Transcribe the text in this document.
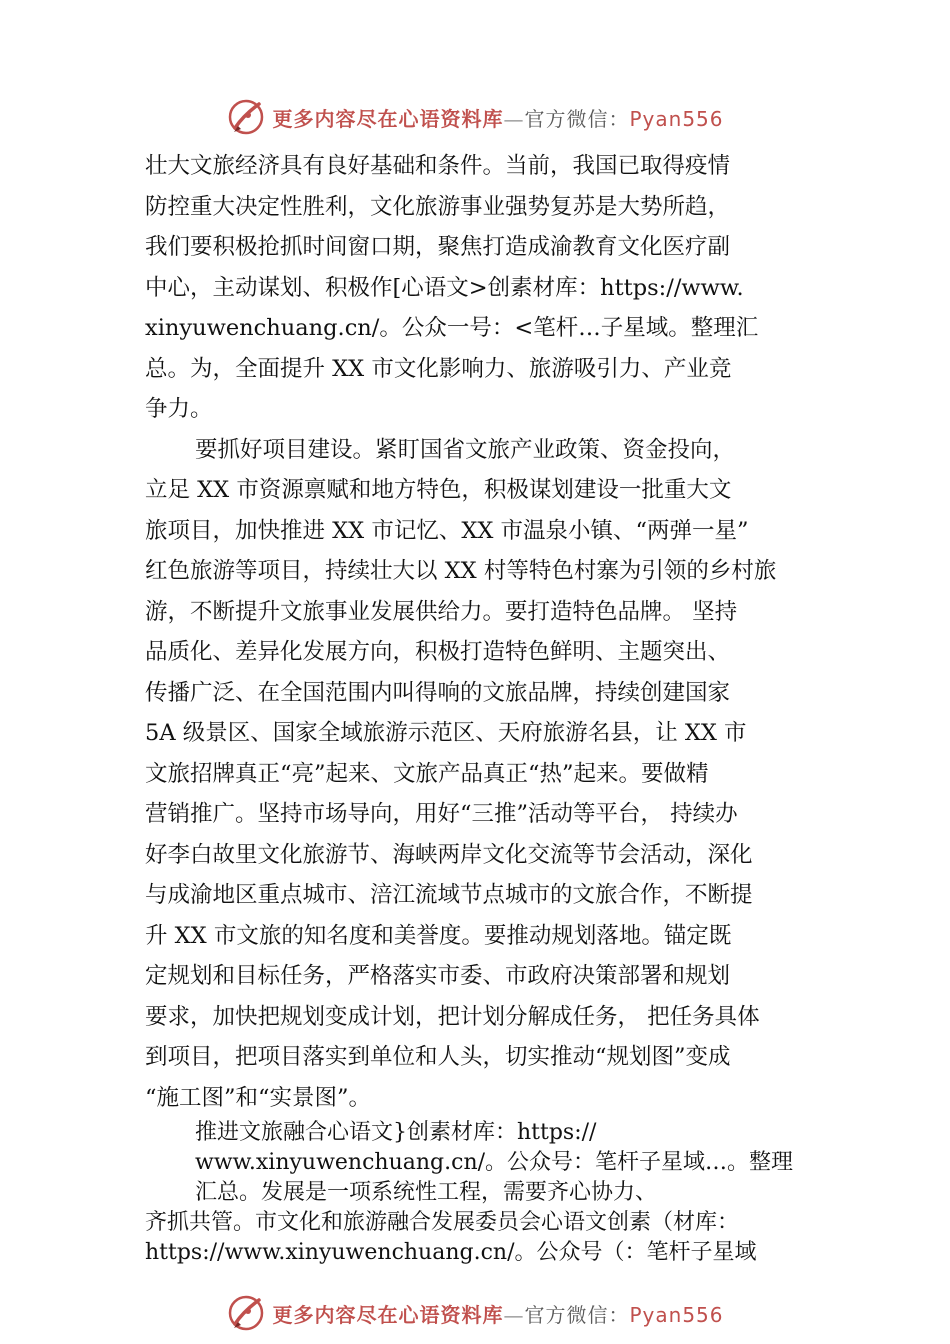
更多内容尽在心语资料库—官方微信：Pyan556
壮大文旅经济具有良好基础和条件。当前，我国已取得疫情
防控重大决定性胜利，文化旅游事业强势复苏是大势所趋，
我们要积极抢抓时间窗口期，聚焦打造成渝教育文化医疗副
中心，主动谋划、积极作[心语文>创素材库：https://www.
xinyuwenchuang.cn/。公众一号：<笔杆…子星域。整理汇
总。为，全面提升 XX 市文化影响力、旅游吸引力、产业竞
争力。
要抓好项目建设。紧盯国省文旅产业政策、资金投向，
立足 XX 市资源禀赋和地方特色，积极谋划建设一批重大文
旅项目，加快推进 XX 市记忆、XX 市温泉小镇、“两弹一星”
红色旅游等项目，持续壮大以 XX 村等特色村寨为引领的乡村旅
游，不断提升文旅事业发展供给力。要打造特色品牌。 坚持
品质化、差异化发展方向，积极打造特色鲜明、主题突出、
传播广泛、在全国范围内叫得响的文旅品牌，持续创建国家
5A 级景区、国家全域旅游示范区、天府旅游名县，让 XX 市
文旅招牌真正“亮”起来、文旅产品真正“热”起来。要做精
营销推广。坚持市场导向，用好“三推”活动等平台， 持续办
好李白故里文化旅游节、海峡两岸文化交流等节会活动，深化
与成渝地区重点城市、涪江流域节点城市的文旅合作，不断提
升 XX 市文旅的知名度和美誉度。要推动规划落地。锚定既
定规划和目标任务，严格落实市委、市政府决策部署和规划
要求，加快把规划变成计划，把计划分解成任务， 把任务具体
到项目，把项目落实到单位和人头，切实推动“规划图”变成
“施工图”和“实景图”。
推进文旅融合心语文}创素材库：https://
www.xinyuwenchuang.cn/。公众号：笔杆子星域…。整理
汇总。发展是一项系统性工程，需要齐心协力、
齐抓共管。市文化和旅游融合发展委员会心语文创素（材库：
https://www.xinyuwenchuang.cn/。公众号（：笔杆子星域
更多内容尽在心语资料库—官方微信：Pyan556
